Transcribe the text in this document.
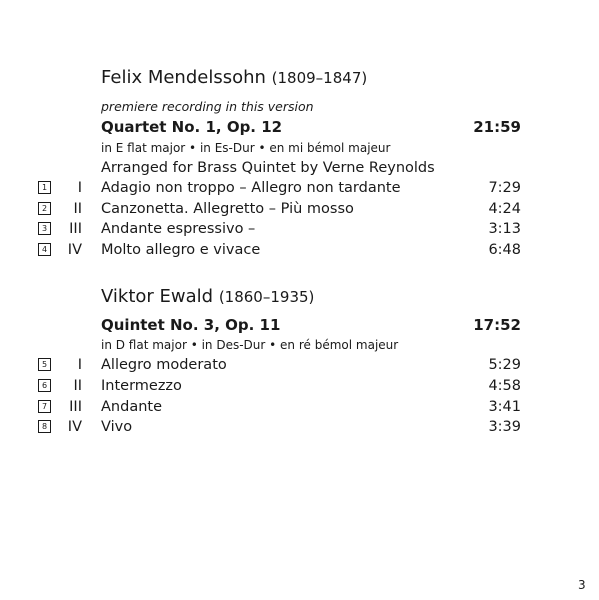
Felix Mendelssohn (1809–1847)
premiere recording in this version
Quartet No. 1, Op. 12	21:59
in E flat major • in Es-Dur • en mi bémol majeur
Arranged for Brass Quintet by Verne Reynolds
1	I Adagio non troppo – Allegro non tardante	7:29
2	II Canzonetta. Allegretto – Più mosso	4:24
3	III Andante espressivo –	3:13
4	IV Molto allegro e vivace	6:48
Viktor Ewald (1860–1935)
Quintet No. 3, Op. 11	17:52
in D flat major • in Des-Dur • en ré bémol majeur
5	I Allegro moderato	5:29
6	II Intermezzo	4:58
7	III Andante	3:41
8	IV Vivo	3:39
3
